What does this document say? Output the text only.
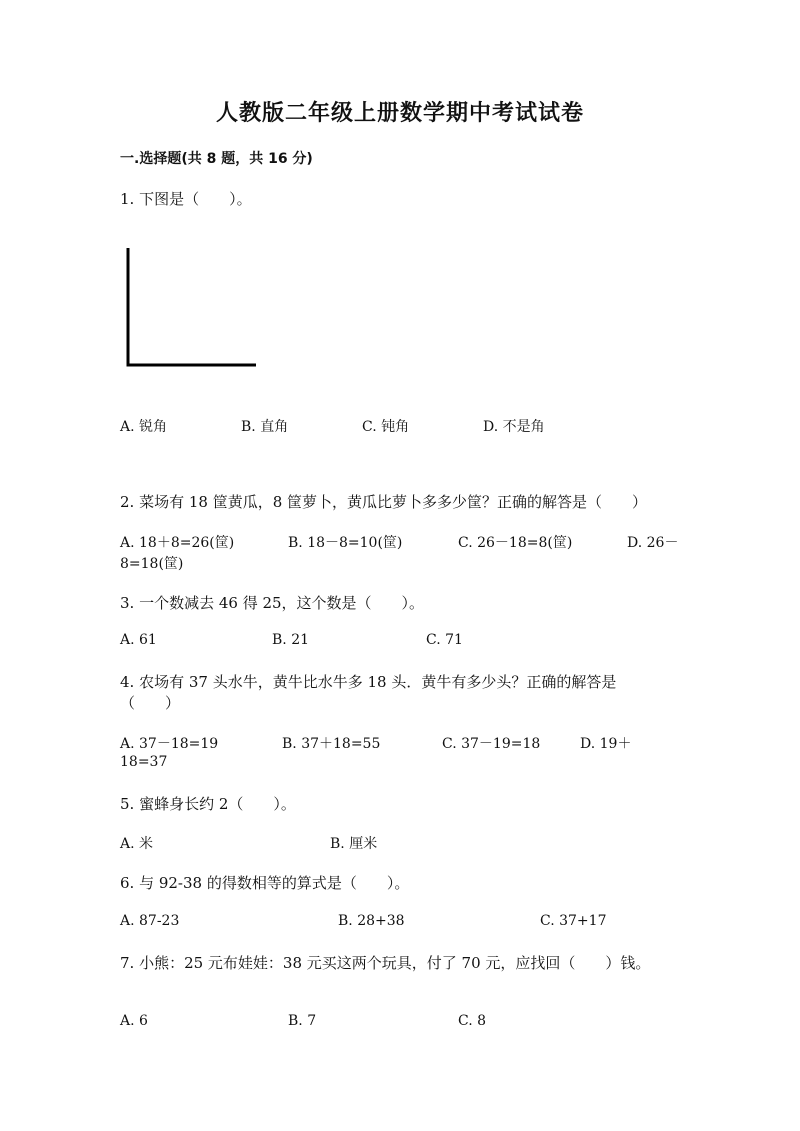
人教版二年级上册数学期中考试试卷
一.选择题(共 8 题，共 16 分)
1. 下图是（　　）。
A. 锐角	B. 直角	C. 钝角	D. 不是角
2. 菜场有 18 筐黄瓜，8 筐萝卜，黄瓜比萝卜多多少筐？正确的解答是（　　）
A. 18＋8=26(筐)	B. 18－8=10(筐)	C. 26－18=8(筐)	D. 26－
8=18(筐)
3. 一个数减去 46 得 25，这个数是（　　）。
A. 61	B. 21	C. 71
4. 农场有 37 头水牛，黄牛比水牛多 18 头．黄牛有多少头？正确的解答是
（　　）
A. 37－18=19	B. 37＋18=55	C. 37－19=18	D. 19＋
18=37
5. 蜜蜂身长约 2（　　）。
A. 米	B. 厘米
6. 与 92-38 的得数相等的算式是（　　）。
A. 87-23	B. 28+38	C. 37+17
7. 小熊：25 元布娃娃：38 元买这两个玩具，付了 70 元，应找回（　　）钱。
A. 6	B. 7	C. 8
